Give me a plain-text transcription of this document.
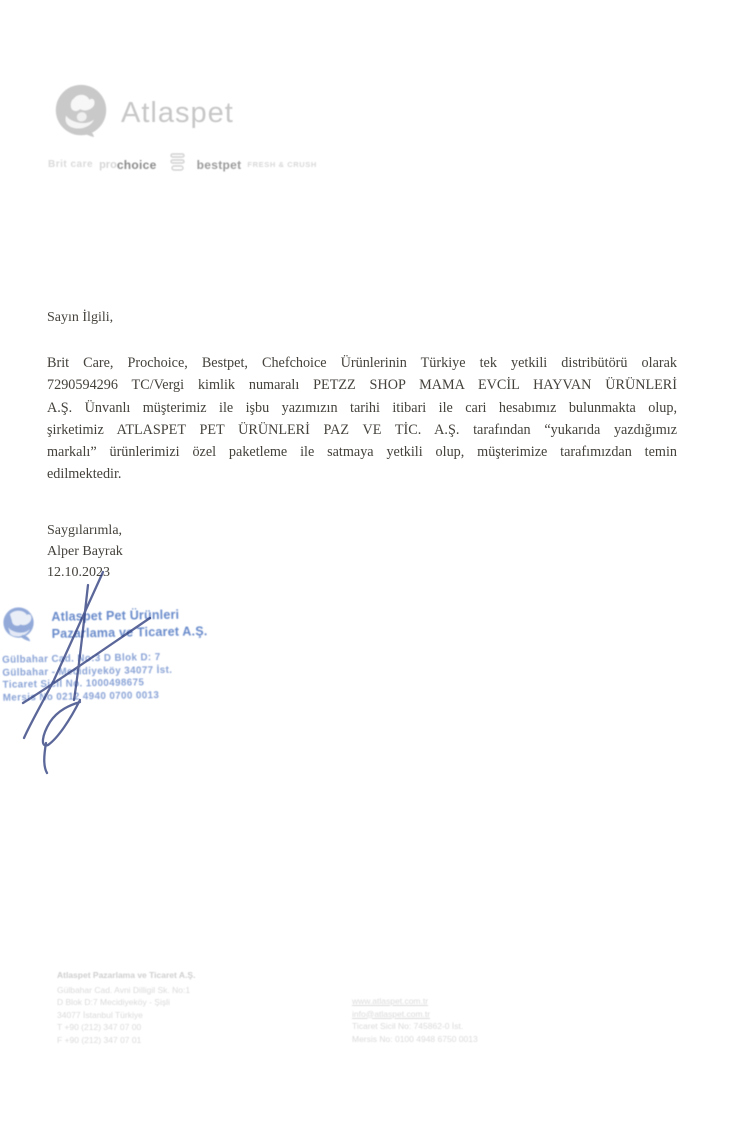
Atlaspet
Brit care pro choice	bestpet FRESH & CRUSH
Sayın İlgili,
Brit Care, Prochoice, Bestpet, Chefchoice Ürünlerinin Türkiye tek yetkili distribütörü olarak
7290594296 TC/Vergi kimlik numaralı PETZZ SHOP MAMA EVCİL HAYVAN ÜRÜNLERİ
A.Ş. Ünvanlı müşterimiz ile işbu yazımızın tarihi itibari ile cari hesabımız bulunmakta olup,
şirketimiz ATLASPET PET ÜRÜNLERİ PAZ VE TİC. A.Ş. tarafından “yukarıda yazdığımız
markalı” ürünlerimizi özel paketleme ile satmaya yetkili olup, müşterimize tarafımızdan temin
edilmektedir.
Saygılarımla,
Alper Bayrak
12.10.2023
Atlaspet Pet Ürünleri
Pazarlama ve Ticaret A.Ş.
Gülbahar Cad. No:3 D Blok D: 7
Gülbahar - Mecidiyeköy 34077 İst.
Ticaret Sicil No. 1000498675
Mersis No 0212 4940 0700 0013
Atlaspet Pazarlama ve Ticaret A.Ş.
Gülbahar Cad. Avni Dilligil Sk. No:1
D Blok D:7 Mecidiyeköy - Şişli
34077 İstanbul Türkiye
T +90 (212) 347 07 00
F +90 (212) 347 07 01
www.atlaspet.com.tr
info@atlaspet.com.tr
Ticaret Sicil No: 745862-0 İst.
Mersis No: 0100 4948 6750 0013
